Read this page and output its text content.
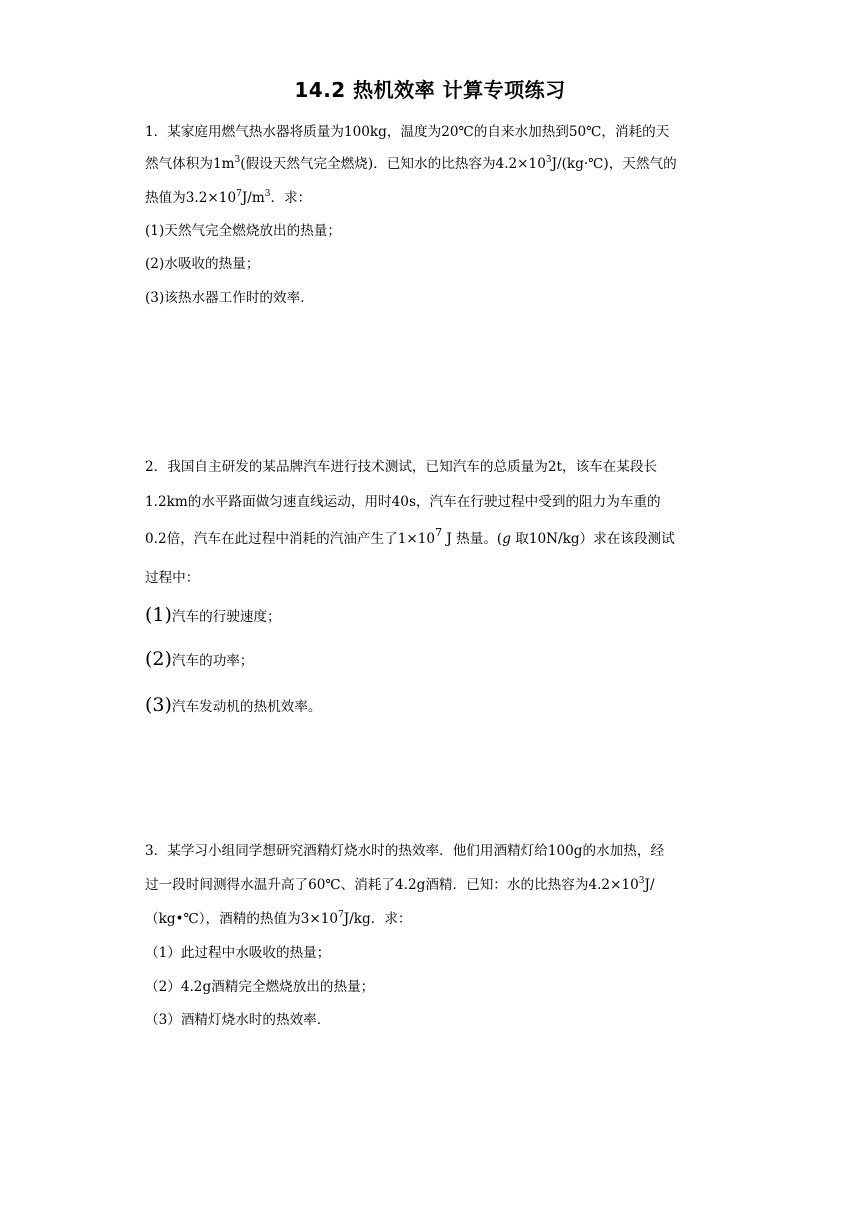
14.2 热机效率 计算专项练习
1．某家庭用燃气热水器将质量为100kg，温度为20℃的自来水加热到50℃，消耗的天
然气体积为$1m^3$(假设天然气完全燃烧)．已知水的比热容为$4.2\times 10^3J/(kg\cdot℃)$，天然气的
热值为$3.2\times 10^7J/m^3$．求：
(1)天然气完全燃烧放出的热量；
(2)水吸收的热量；
(3)该热水器工作时的效率．
2．我国自主研发的某品牌汽车进行技术测试，已知汽车的总质量为2t，该车在某段长
1.2km的水平路面做匀速直线运动，用时40s，汽车在行驶过程中受到的阻力为车重的
0.2倍，汽车在此过程中消耗的汽油产生了$1\times 10^7$ J 热量。(g 取10N/kg）求在该段测试
过程中：
(1)汽车的行驶速度；
(2)汽车的功率；
(3)汽车发动机的热机效率。
3．某学习小组同学想研究酒精灯烧水时的热效率．他们用酒精灯给100g的水加热，经
过一段时间测得水温升高了60℃、消耗了4.2g酒精．已知：水的比热容为$4.2\times 10^3J/$
（kg•℃），酒精的热值为$3\times 10^7J/kg$．求：
（1）此过程中水吸收的热量；
（2）4.2g酒精完全燃烧放出的热量；
（3）酒精灯烧水时的热效率．
